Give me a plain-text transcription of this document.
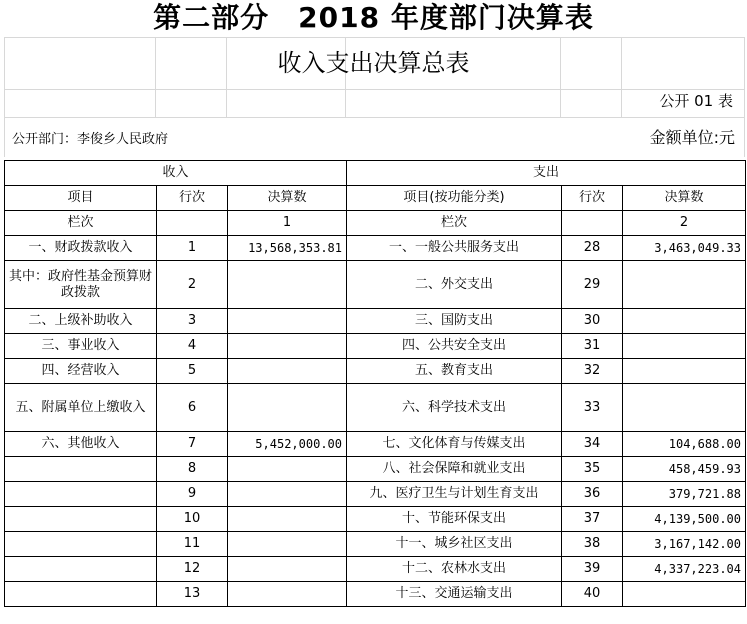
第二部分　2018 年度部门决算表
收入支出决算总表
公开 01 表
公开部门：李俊乡人民政府	金额单位:元
收入			支出		
项目	行次	决算数	项目(按功能分类)	行次	决算数
栏次		1	栏次		2
一、财政拨款收入	1	13,568,353.81	一、一般公共服务支出	28	3,463,049.33
其中：政府性基金预算财政拨款	2		二、外交支出	29	
二、上级补助收入	3		三、国防支出	30	
三、事业收入	4		四、公共安全支出	31	
四、经营收入	5		五、教育支出	32	
五、附属单位上缴收入	6		六、科学技术支出	33	
六、其他收入	7	5,452,000.00	七、文化体育与传媒支出	34	104,688.00
	8		八、社会保障和就业支出	35	458,459.93
	9		九、医疗卫生与计划生育支出	36	379,721.88
	10		十、节能环保支出	37	4,139,500.00
	11		十一、城乡社区支出	38	3,167,142.00
	12		十二、农林水支出	39	4,337,223.04
	13		十三、交通运输支出	40	
